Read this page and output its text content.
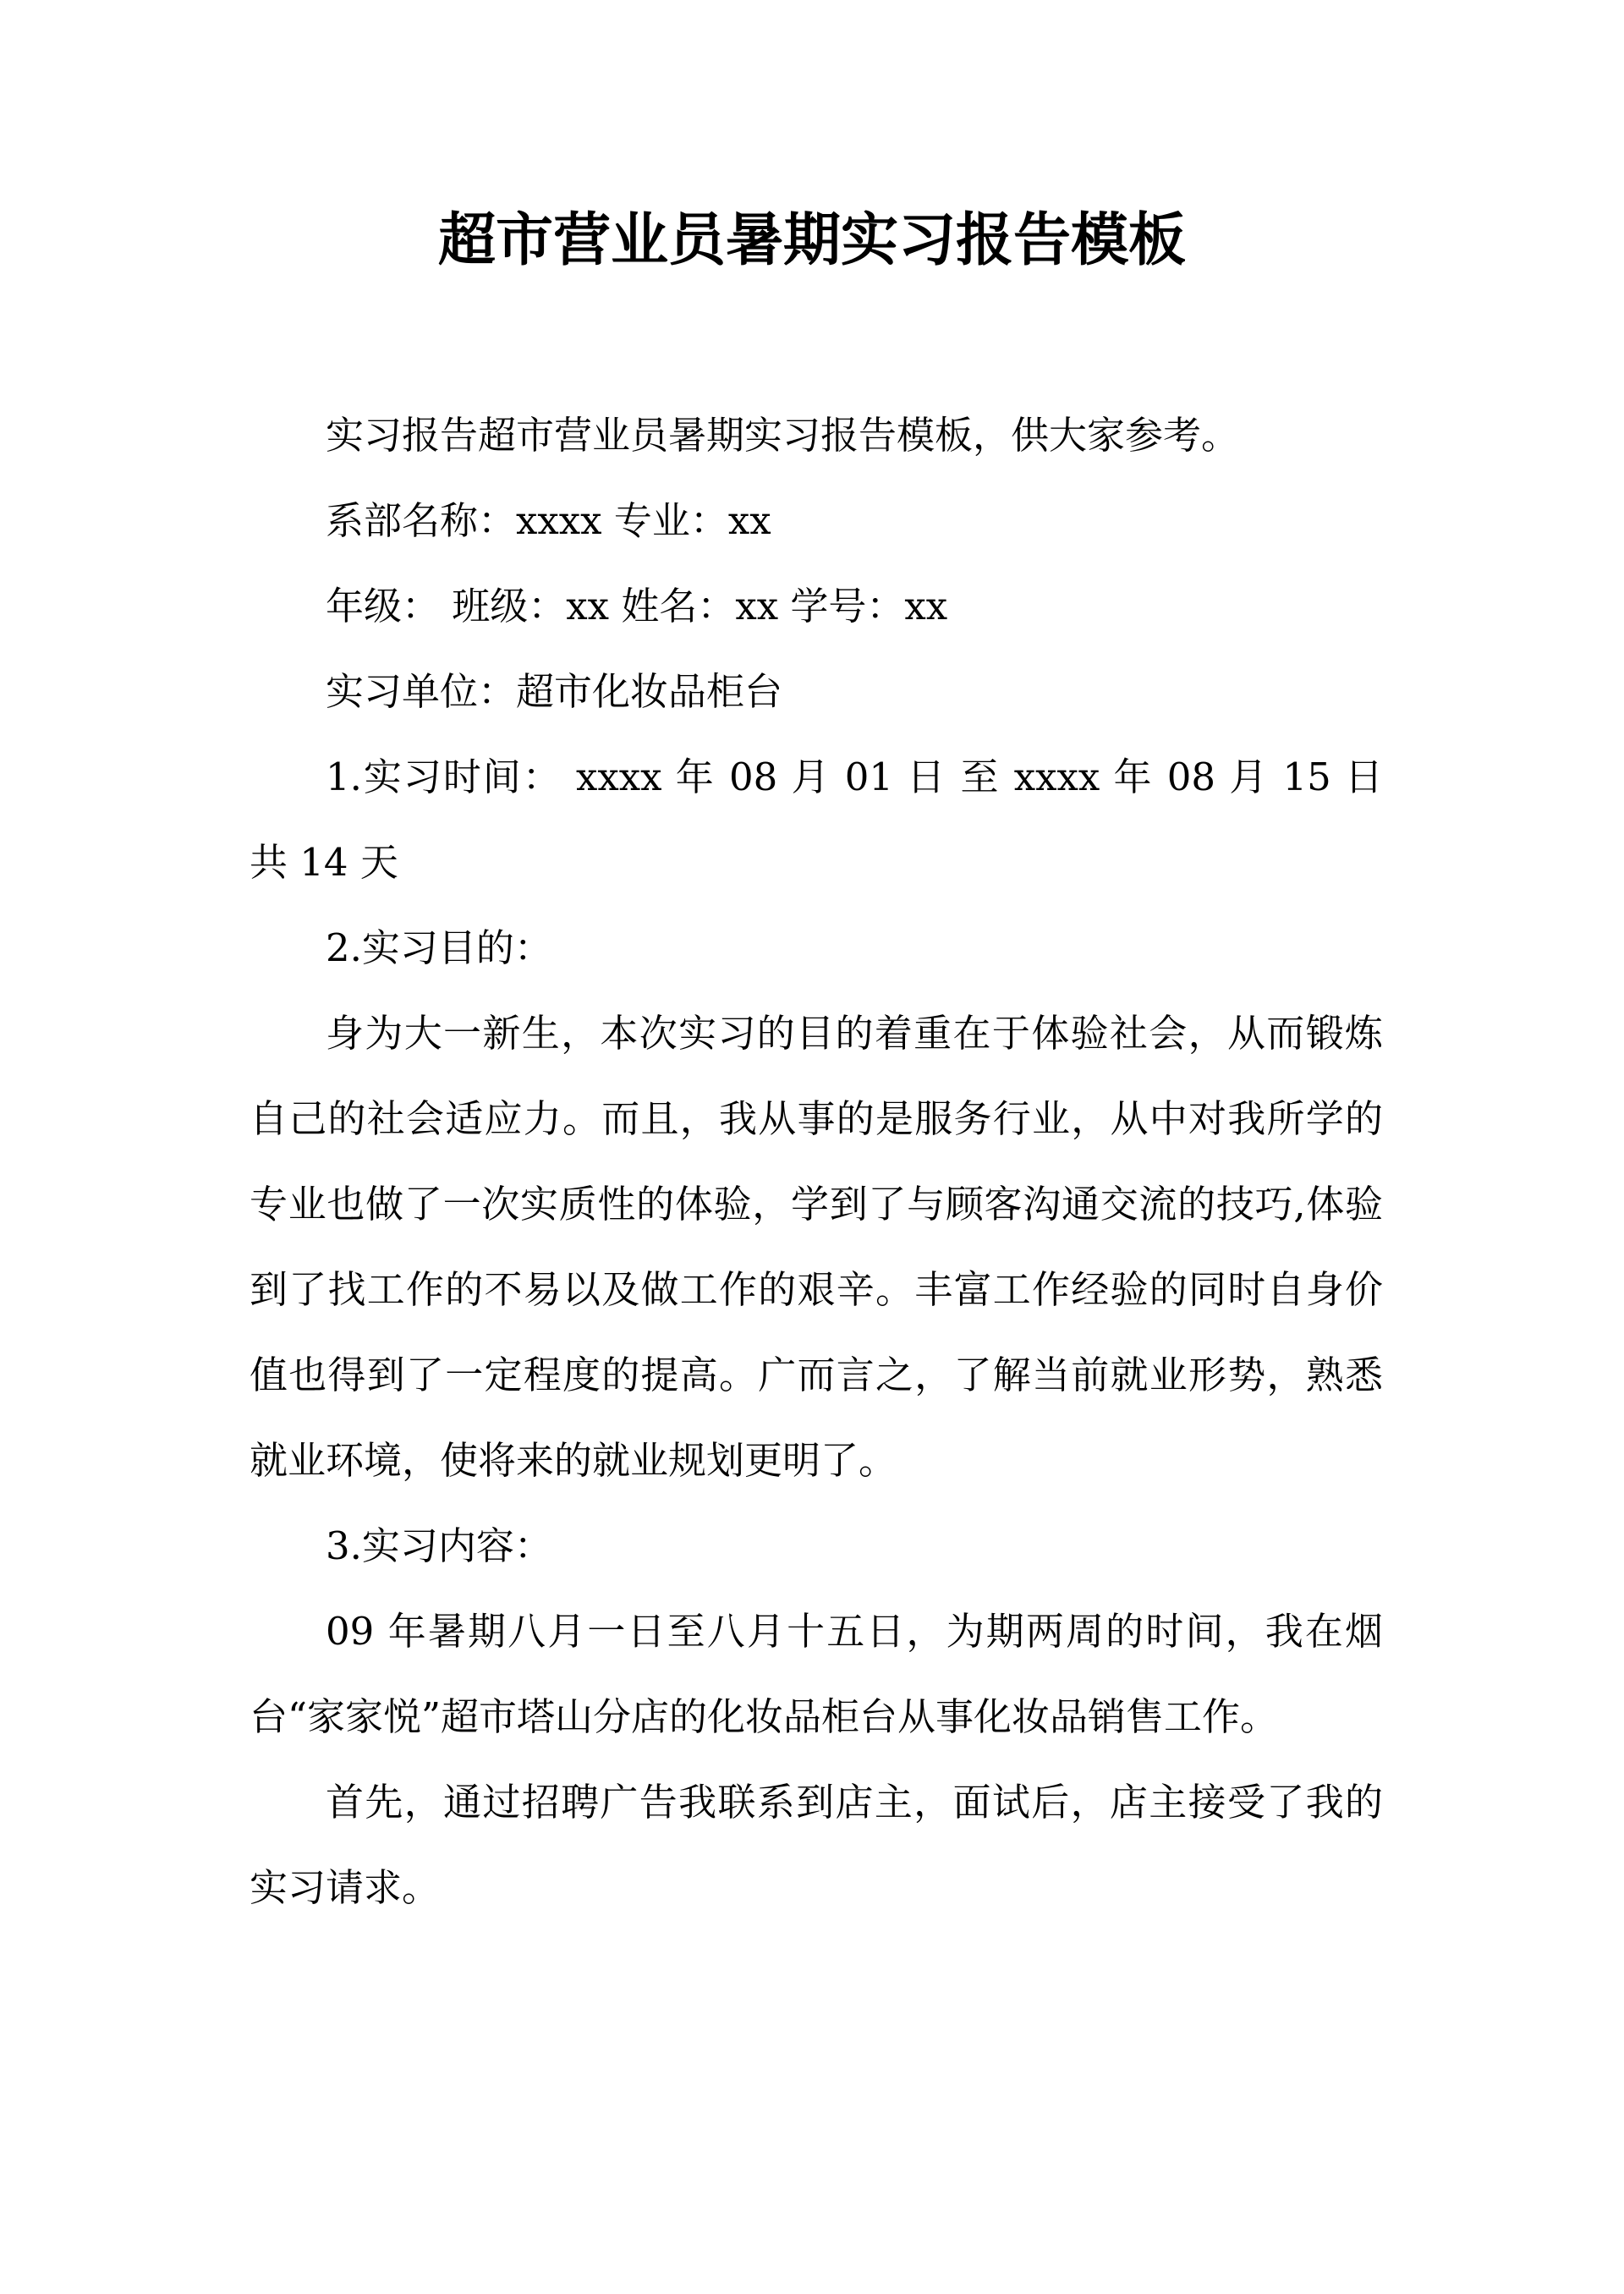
超市营业员暑期实习报告模板

实习报告超市营业员暑期实习报告模板，供大家参考。

系部名称：xxxx 专业：xx

年级： 班级：xx 姓名：xx 学号：xx

实习单位：超市化妆品柜台

1.实习时间： xxxx 年 08 月 01 日 至 xxxx 年 08 月 15 日 共 14 天

2.实习目的：

身为大一新生，本次实习的目的着重在于体验社会，从而锻炼自己的社会适应力。而且，我从事的是服务行业，从中对我所学的专业也做了一次实质性的体验，学到了与顾客沟通交流的技巧,体验到了找工作的不易以及做工作的艰辛。丰富工作经验的同时自身价值也得到了一定程度的提高。广而言之，了解当前就业形势，熟悉就业环境，使将来的就业规划更明了。

3.实习内容：

09 年暑期八月一日至八月十五日，为期两周的时间，我在烟台“家家悦”超市塔山分店的化妆品柜台从事化妆品销售工作。

首先，通过招聘广告我联系到店主，面试后，店主接受了我的实习请求。
